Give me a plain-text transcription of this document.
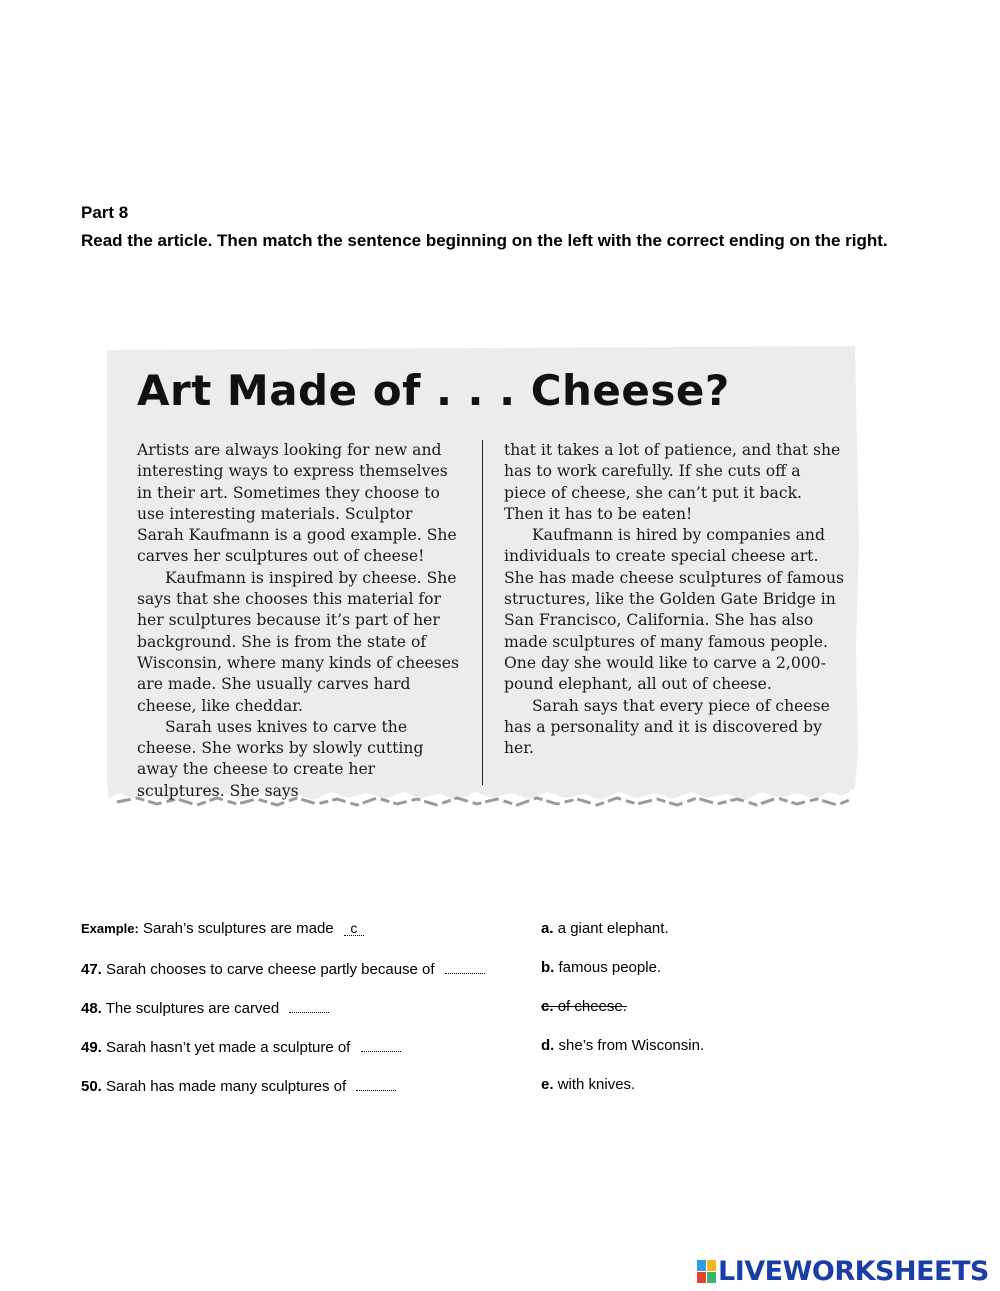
Part 8
Read the article. Then match the sentence beginning on the left with the correct ending on the right.
Art Made of . . . Cheese?

Artists are always looking for new and interesting ways to express themselves in their art. Sometimes they choose to use interesting materials. Sculptor Sarah Kaufmann is a good example. She carves her sculptures out of cheese!

Kaufmann is inspired by cheese. She says that she chooses this material for her sculptures because it’s part of her background. She is from the state of Wisconsin, where many kinds of cheeses are made. She usually carves hard cheese, like cheddar.

Sarah uses knives to carve the cheese. She works by slowly cutting away the cheese to create her sculptures. She says

that it takes a lot of patience, and that she has to work carefully. If she cuts off a piece of cheese, she can’t put it back. Then it has to be eaten!

Kaufmann is hired by companies and individuals to create special cheese art. She has made cheese sculptures of famous structures, like the Golden Gate Bridge in San Francisco, California. She has also made sculptures of many famous people. One day she would like to carve a 2,000-pound elephant, all out of cheese.

Sarah says that every piece of cheese has a personality and it is discovered by her.

Example: Sarah’s sculptures are made c
47. Sarah chooses to carve cheese partly because of
48. The sculptures are carved
49. Sarah hasn’t yet made a sculpture of
50. Sarah has made many sculptures of
a. a giant elephant.
b. famous people.
c. of cheese.
d. she’s from Wisconsin.
e. with knives.
LIVEWORKSHEETS
